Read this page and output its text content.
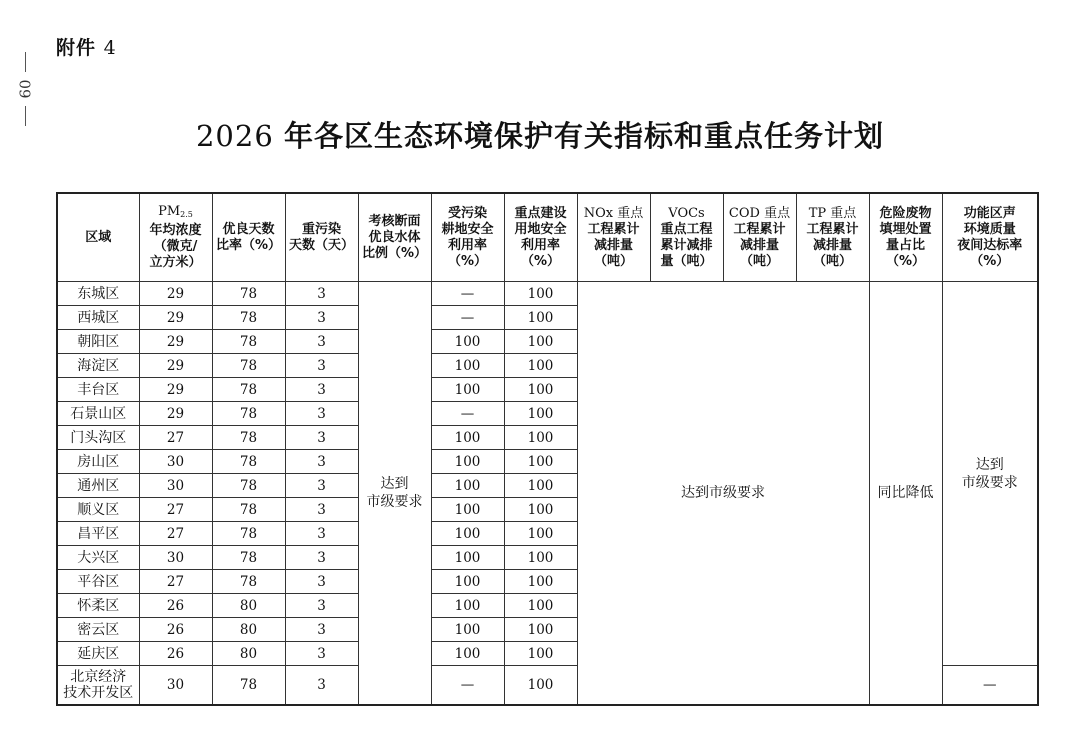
附件 4
09
2026 年各区生态环境保护有关指标和重点任务计划
区域	$PM_{2.5}$
年均浓度
（微克/
立方米）	优良天数
比率（%）	重污染
天数（天）	考核断面
优良水体
比例（%）	受污染
耕地安全
利用率
（%）	重点建设
用地安全
利用率
（%）	NOx 重点
工程累计
减排量
（吨）	VOCs
重点工程
累计减排
量（吨）	COD 重点
工程累计
减排量
（吨）	TP 重点
工程累计
减排量
（吨）	危险废物
填埋处置
量占比
（%）	功能区声
环境质量
夜间达标率
（%）
东城区	29	78	3	达到
市级要求	—	100	达到市级要求				同比降低	达到
市级要求
西城区	29	78	3		—	100						
朝阳区	29	78	3		100	100						
海淀区	29	78	3		100	100						
丰台区	29	78	3		100	100						
石景山区	29	78	3		—	100						
门头沟区	27	78	3		100	100						
房山区	30	78	3		100	100						
通州区	30	78	3		100	100						
顺义区	27	78	3		100	100						
昌平区	27	78	3		100	100						
大兴区	30	78	3		100	100						
平谷区	27	78	3		100	100						
怀柔区	26	80	3		100	100						
密云区	26	80	3		100	100						
延庆区	26	80	3		100	100						
北京经济
技术开发区	30	78	3		—	100						—
